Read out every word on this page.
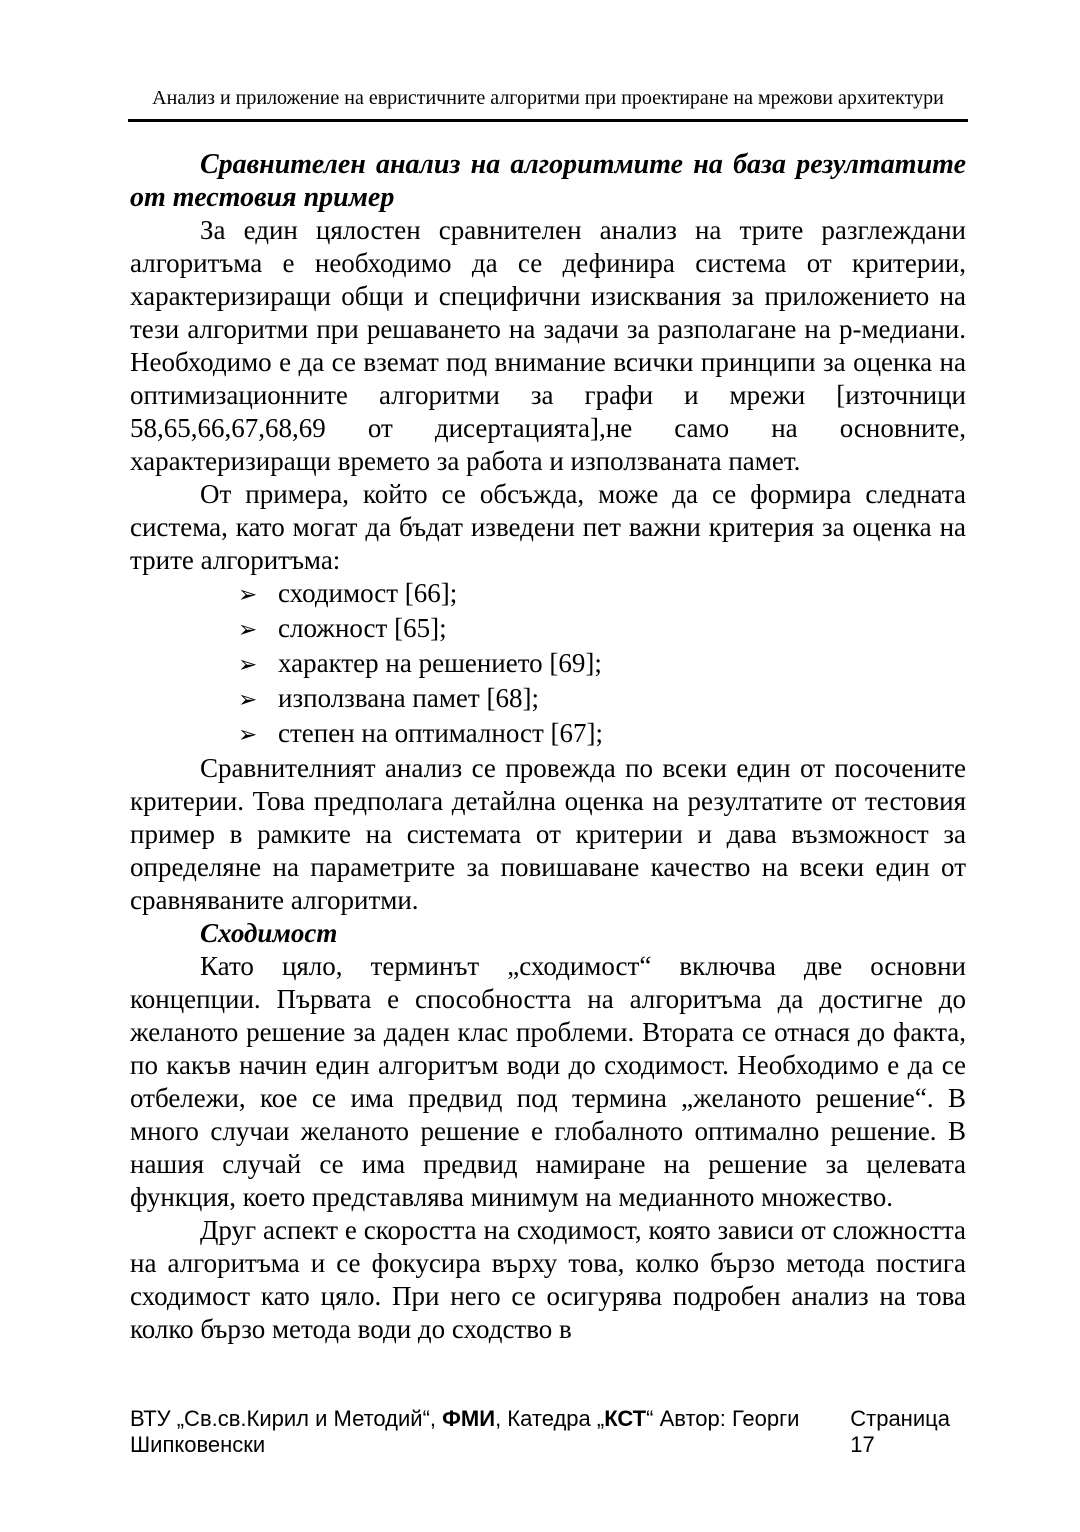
Анализ и приложение на евристичните алгоритми при проектиране на мрежови архитектури
Сравнителен анализ на алгоритмите на база резултатите от тестовия пример

За един цялостен сравнителен анализ на трите разглеждани алгоритъма е необходимо да се дефинира система от критерии, характеризиращи общи и специфични изисквания за приложението на тези алгоритми при решаването на задачи за разполагане на р-медиани. Необходимо е да се вземат под внимание всички принципи за оценка на оптимизационните алгоритми за графи и мрежи [източници 58,65,66,67,68,69 от дисертацията],не само на основните, характеризиращи времето за работа и използваната памет.

От примера, който се обсъжда, може да се формира следната система, като могат да бъдат изведени пет важни критерия за оценка на трите алгоритъма:

➢ сходимост [66];
➢ сложност [65];
➢ характер на решението [69];
➢ използвана памет [68];
➢ степен на оптималност [67];

Сравнителният анализ се провежда по всеки един от посочените критерии. Това предполага детайлна оценка на резултатите от тестовия пример в рамките на системата от критерии и дава възможност за определяне на параметрите за повишаване качество на всеки един от сравняваните алгоритми.

Сходимост

Като цяло, терминът „сходимост“ включва две основни концепции. Първата е способността на алгоритъма да достигне до желаното решение за даден клас проблеми. Втората се отнася до факта, по какъв начин един алгоритъм води до сходимост. Необходимо е да се отбележи, кое се има предвид под термина „желаното решение“. В много случаи желаното решение е глобалното оптимално решение. В нашия случай се има предвид намиране на решение за целевата функция, което представлява минимум на медианното множество.

Друг аспект е скоростта на сходимост, която зависи от сложността на алгоритъма и се фокусира върху това, колко бързо метода постига сходимост като цяло. При него се осигурява подробен анализ на това колко бързо метода води до сходство в

ВТУ „Св.св.Кирил и Методий“, ФМИ, Катедра „КСТ“ Автор: Георги Шипковенски
Страница 17
